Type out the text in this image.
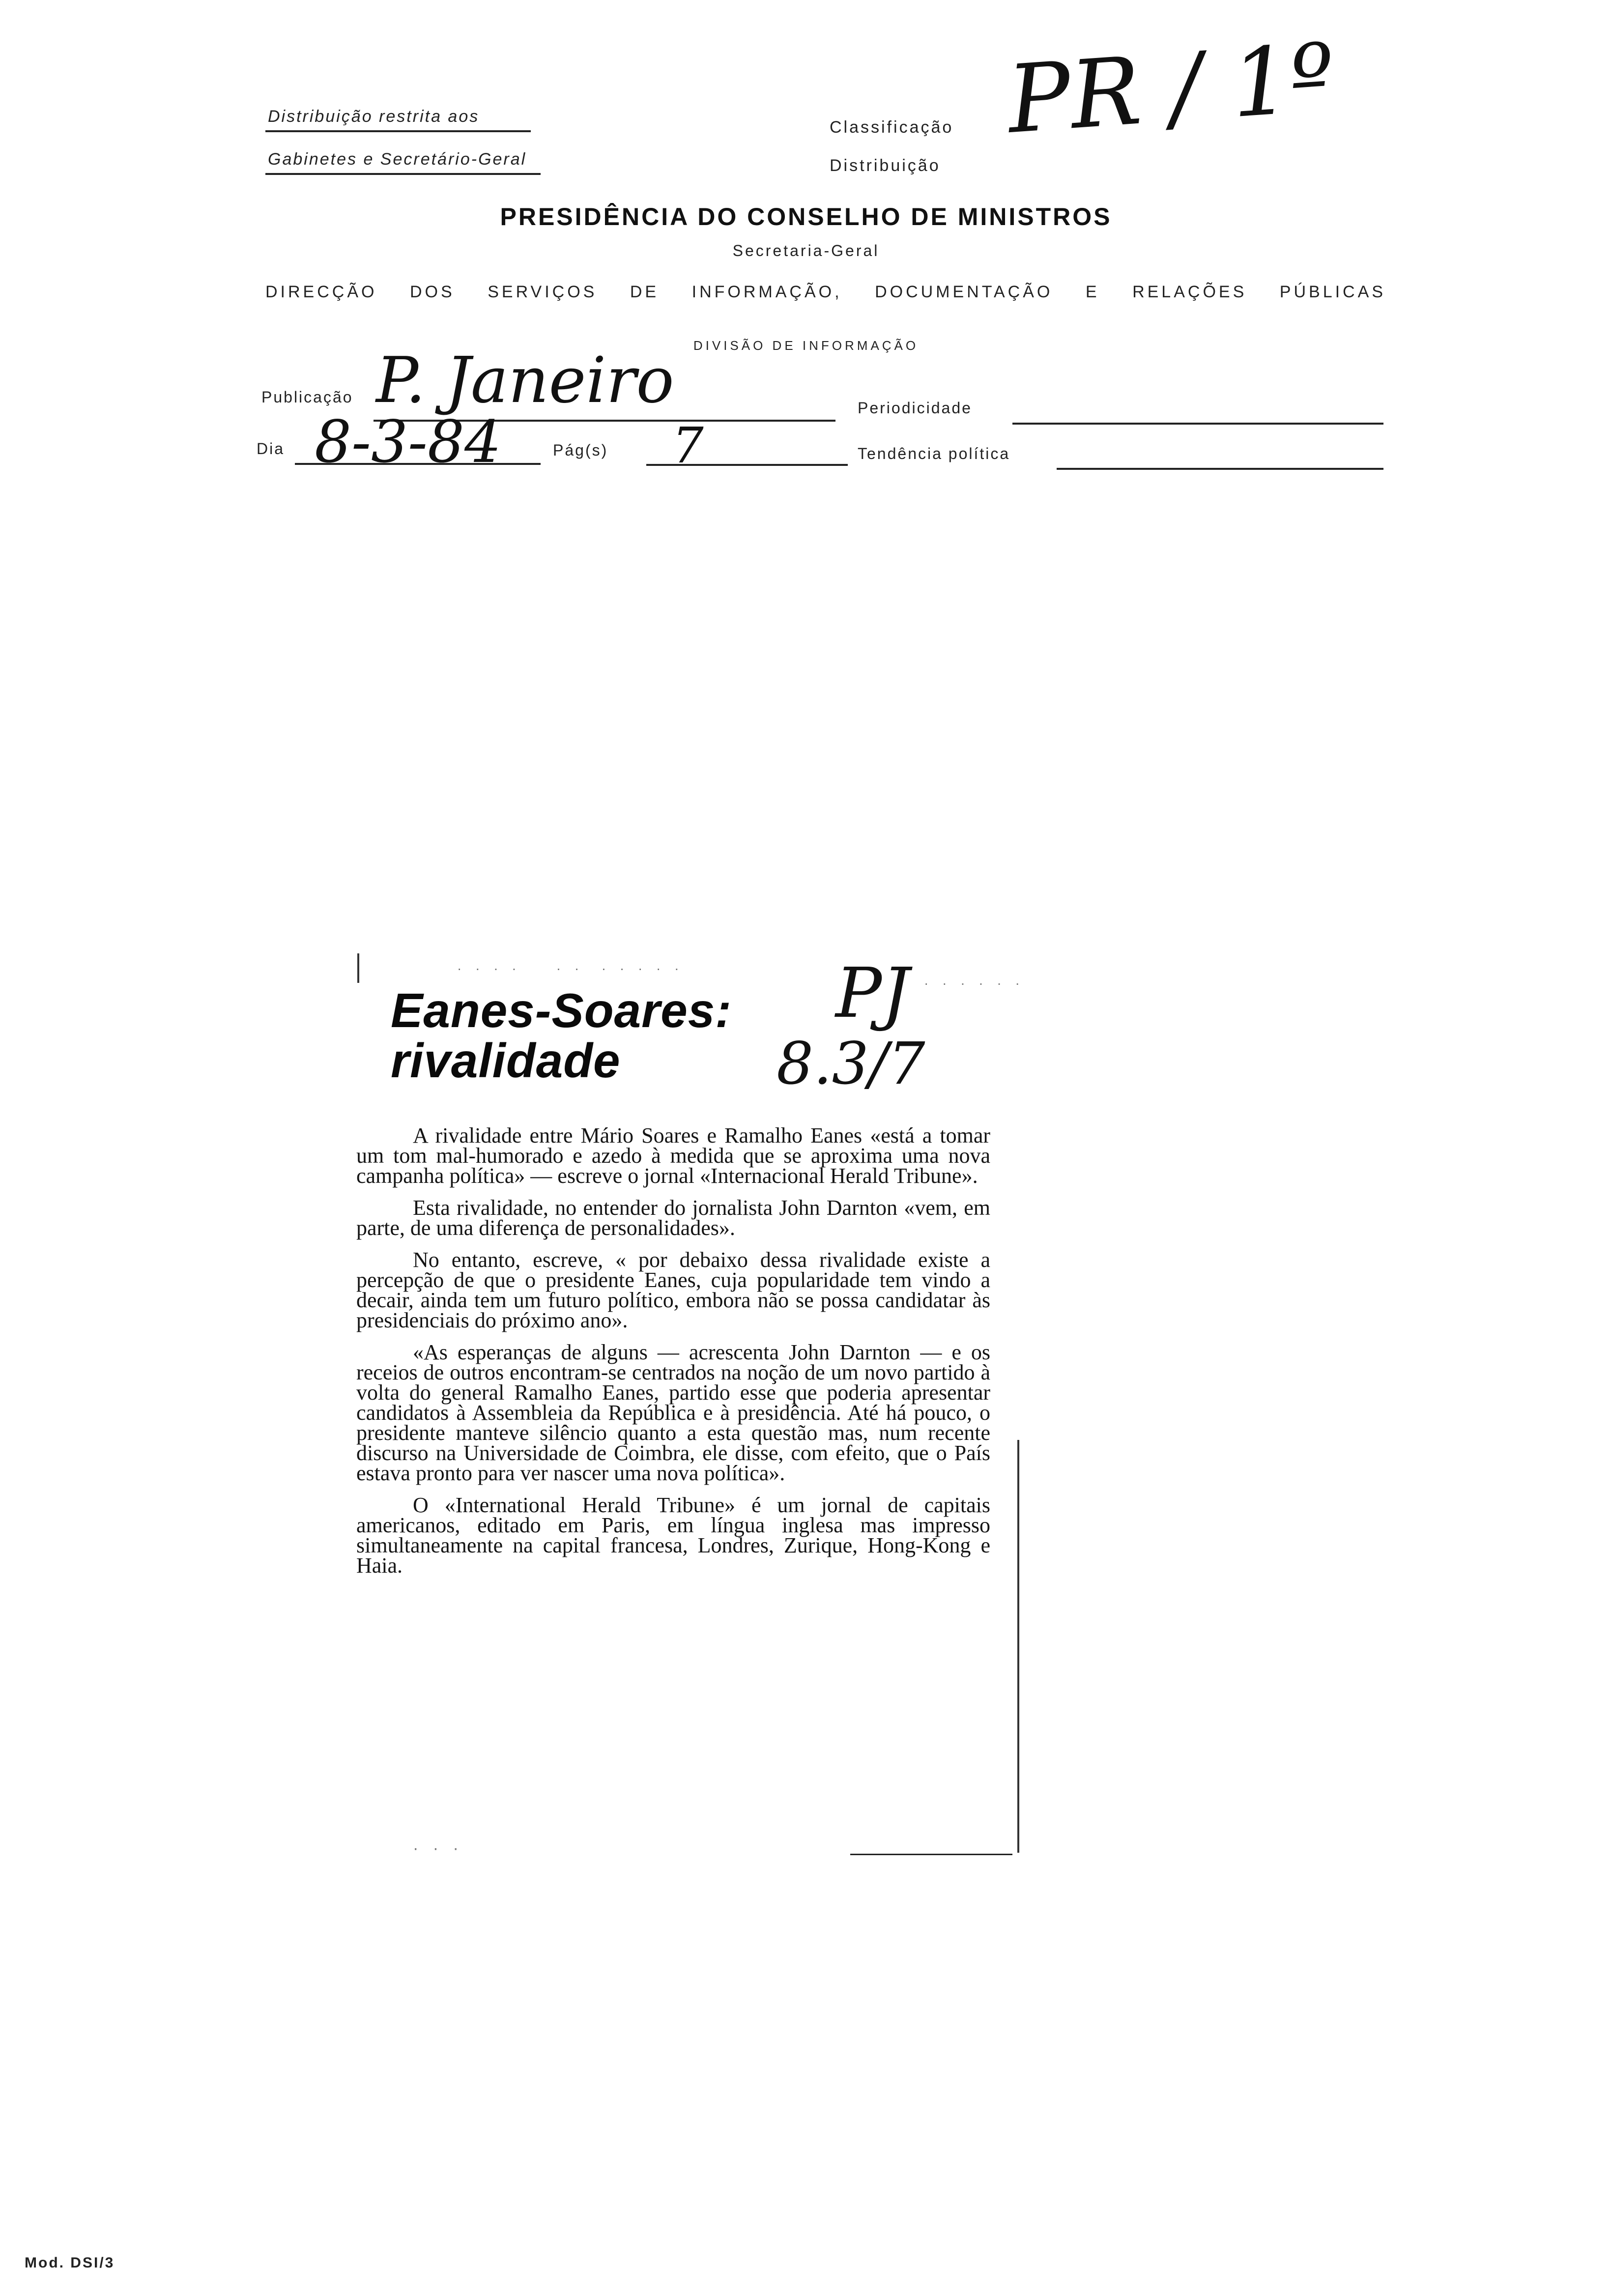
Distribuição restrita aos
Gabinetes e Secretário-Geral
Classificação
Distribuição
PR / 1º
PRESIDÊNCIA DO CONSELHO DE MINISTROS
Secretaria-Geral
DIRECÇÃO DOS SERVIÇOS DE INFORMAÇÃO, DOCUMENTAÇÃO E RELAÇÕES PÚBLICAS
DIVISÃO DE INFORMAÇÃO
Publicação P. Janeiro	Periodicidade
Dia 8-3-84	Pág(s) 7	Tendência política
· · · ·    · ·  · · · · ·
· · · · · ·
· · ·
Eanes-Soares:
rivalidade
PJ
8.3/7

A rivalidade entre Mário Soares e Ramalho Eanes «está a tomar um tom mal-humorado e azedo à medida que se aproxima uma nova campanha política» — escreve o jornal «Internacional Herald Tribune».

Esta rivalidade, no entender do jornalista John Darnton «vem, em parte, de uma diferença de personalidades».

No entanto, escreve, « por debaixo dessa rivalidade existe a percepção de que o presidente Eanes, cuja popularidade tem vindo a decair, ainda tem um futuro político, embora não se possa candidatar às presidenciais do próximo ano».

«As esperanças de alguns — acrescenta John Darnton — e os receios de outros encontram-se centrados na noção de um novo partido à volta do general Ramalho Eanes, partido esse que poderia apresentar candidatos à Assembleia da República e à presidência. Até há pouco, o presidente manteve silêncio quanto a esta questão mas, num recente discurso na Universidade de Coimbra, ele disse, com efeito, que o País estava pronto para ver nascer uma nova política».

O «International Herald Tribune» é um jornal de capitais americanos, editado em Paris, em língua inglesa mas impresso simultaneamente na capital francesa, Londres, Zurique, Hong-Kong e Haia.

Mod. DSI/3
